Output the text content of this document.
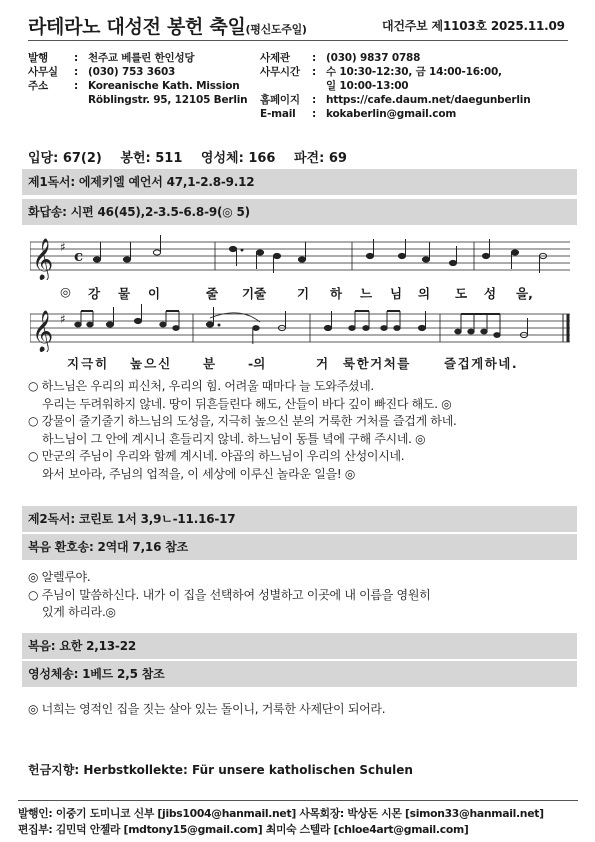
라테라노 대성전 봉헌 축일(평신도주일)	대건주보 제1103호 2025.11.09
발행 : 천주교 베를린 한인성당
사무실 : (030) 753 3603
주소 : Koreanische Kath. Mission
Röblingstr. 95, 12105 Berlin
사제관 : (030) 9837 0788
사무시간 : 수 10:30-12:30, 금 14:00-16:00,
일 10:00-13:00
홈페이지 : https://cafe.daum.net/daegunberlin
E-mail : kokaberlin@gmail.com
입당: 67(2) 봉헌: 511 영성체: 166 파견: 69
제1독서: 에제키엘 예언서 47,1-2.8-9.12
화답송: 시편 46(45),2-3.5-6.8-9(◎ 5)
𝄞 ♯ c
◎ 강 물 이	줄 기줄 기 하 느 님 의 도 성 을,
𝄞 ♯
지극히 높으신 분	-의	거 룩한거처를	즐겁게하네.
○ 하느님은 우리의 피신처, 우리의 힘. 어려울 때마다 늘 도와주셨네.
우리는 두려워하지 않네. 땅이 뒤흔들린다 해도, 산들이 바다 깊이 빠진다 해도. ◎
○ 강물이 줄기줄기 하느님의 도성을, 지극히 높으신 분의 거룩한 거처를 즐겁게 하네.
하느님이 그 안에 계시니 흔들리지 않네. 하느님이 동틀 녘에 구해 주시네. ◎
○ 만군의 주님이 우리와 함께 계시네. 야곱의 하느님이 우리의 산성이시네.
와서 보아라, 주님의 업적을, 이 세상에 이루신 놀라운 일을! ◎
제2독서: 코린토 1서 3,9ㄴ-11.16-17
복음 환호송: 2역대 7,16 참조
◎ 알렐루야.
○ 주님이 말씀하신다. 내가 이 집을 선택하여 성별하고 이곳에 내 이름을 영원히
있게 하리라.◎
복음: 요한 2,13-22
영성체송: 1베드 2,5 참조
◎ 너희는 영적인 집을 짓는 살아 있는 돌이니, 거룩한 사제단이 되어라.
헌금지향: Herbstkollekte: Für unsere katholischen Schulen
발행인: 이중기 도미니코 신부 [jibs1004@hanmail.net] 사목회장: 박상돈 시몬 [simon33@hanmail.net]
편집부: 김민덕 안젤라 [mdtony15@gmail.com] 최미숙 스텔라 [chloe4art@gmail.com]
